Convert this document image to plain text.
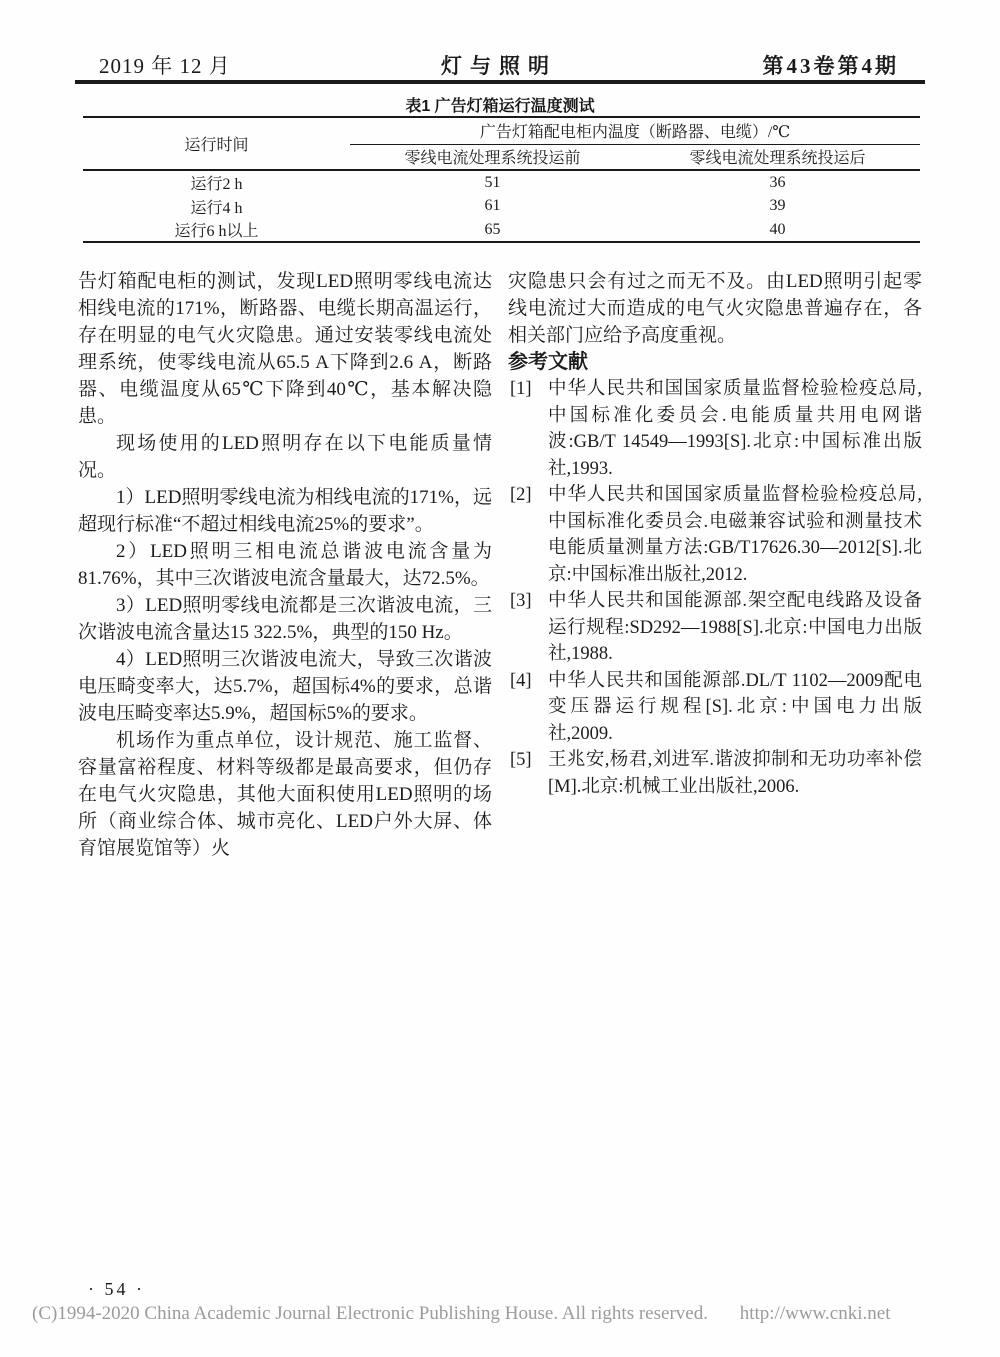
2019 年 12 月	灯与照明	第43卷第4期
表1 广告灯箱运行温度测试
运行时间	广告灯箱配电柜内温度（断路器、电缆）/℃	
	零线电流处理系统投运前	零线电流处理系统投运后
运行2 h	51	36
运行4 h	61	39
运行6 h以上	65	40

告灯箱配电柜的测试，发现LED照明零线电流达相线电流的171%，断路器、电缆长期高温运行，存在明显的电气火灾隐患。通过安装零线电流处理系统，使零线电流从65.5 A下降到2.6 A，断路器、电缆温度从65℃下降到40℃，基本解决隐患。

现场使用的LED照明存在以下电能质量情况。

1）LED照明零线电流为相线电流的171%，远超现行标准“不超过相线电流25%的要求”。

2）LED照明三相电流总谐波电流含量为81.76%，其中三次谐波电流含量最大，达72.5%。

3）LED照明零线电流都是三次谐波电流，三次谐波电流含量达15 322.5%，典型的150 Hz。

4）LED照明三次谐波电流大，导致三次谐波电压畸变率大，达5.7%，超国标4%的要求，总谐波电压畸变率达5.9%，超国标5%的要求。

机场作为重点单位，设计规范、施工监督、容量富裕程度、材料等级都是最高要求，但仍存在电气火灾隐患，其他大面积使用LED照明的场所（商业综合体、城市亮化、LED户外大屏、体育馆展览馆等）火

灾隐患只会有过之而无不及。由LED照明引起零线电流过大而造成的电气火灾隐患普遍存在，各相关部门应给予高度重视。

参考文献

[1] 中华人民共和国国家质量监督检验检疫总局,中国标准化委员会.电能质量共用电网谐波:GB/T 14549—1993[S].北京:中国标准出版社,1993.
[2] 中华人民共和国国家质量监督检验检疫总局,中国标准化委员会.电磁兼容试验和测量技术 电能质量测量方法:GB/T17626.30—2012[S].北京:中国标准出版社,2012.
[3] 中华人民共和国能源部.架空配电线路及设备运行规程:SD292—1988[S].北京:中国电力出版社,1988.
[4] 中华人民共和国能源部.DL/T 1102—2009配电变压器运行规程[S].北京:中国电力出版社,2009.
[5] 王兆安,杨君,刘进军.谐波抑制和无功功率补偿[M].北京:机械工业出版社,2006.
· 54 ·
(C)1994-2020 China Academic Journal Electronic Publishing House. All rights reserved. http://www.cnki.net
